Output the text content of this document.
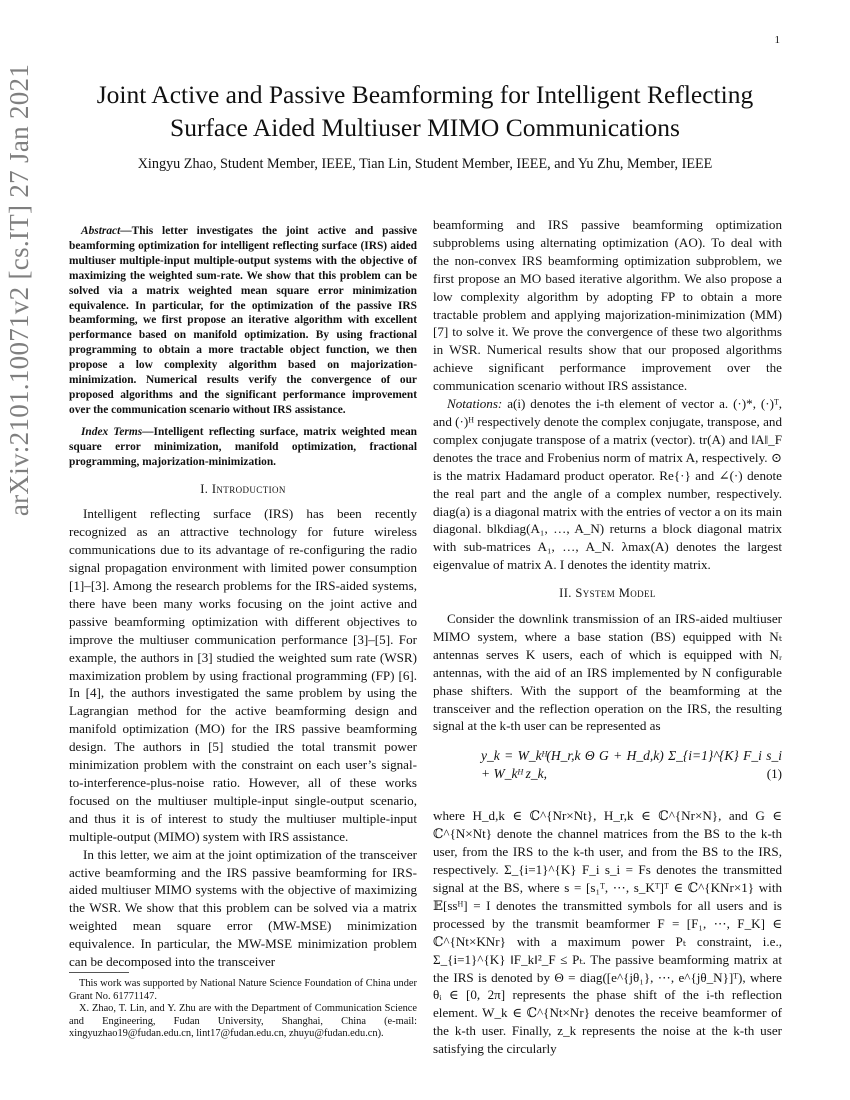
1
arXiv:2101.10071v2 [cs.IT] 27 Jan 2021	Joint Active and Passive Beamforming for Intelligent Reflecting Surface Aided Multiuser MIMO Communications
Xingyu Zhao, Student Member, IEEE, Tian Lin, Student Member, IEEE, and Yu Zhu, Member, IEEE

Abstract—This letter investigates the joint active and passive beamforming optimization for intelligent reflecting surface (IRS) aided multiuser multiple-input multiple-output systems with the objective of maximizing the weighted sum-rate. We show that this problem can be solved via a matrix weighted mean square error minimization equivalence. In particular, for the optimization of the passive IRS beamforming, we first propose an iterative algorithm with excellent performance based on manifold optimization. By using fractional programming to obtain a more tractable object function, we then propose a low complexity algorithm based on majorization-minimization. Numerical results verify the convergence of our proposed algorithms and the significant performance improvement over the communication scenario without IRS assistance.

Index Terms—Intelligent reflecting surface, matrix weighted mean square error minimization, manifold optimization, fractional programming, majorization-minimization.

I. Introduction

Intelligent reflecting surface (IRS) has been recently recognized as an attractive technology for future wireless communications due to its advantage of re-configuring the radio signal propagation environment with limited power consumption [1]–[3]. Among the research problems for the IRS-aided systems, there have been many works focusing on the joint active and passive beamforming optimization with different objectives to improve the multiuser communication performance [3]–[5]. For example, the authors in [3] studied the weighted sum rate (WSR) maximization problem by using fractional programming (FP) [6]. In [4], the authors investigated the same problem by using the Lagrangian method for the active beamforming design and manifold optimization (MO) for the IRS passive beamforming design. The authors in [5] studied the total transmit power minimization problem with the constraint on each user’s signal-to-interference-plus-noise ratio. However, all of these works focused on the multiuser multiple-input single-output scenario, and thus it is of interest to study the multiuser multiple-input multiple-output (MIMO) system with IRS assistance.

In this letter, we aim at the joint optimization of the transceiver active beamforming and the IRS passive beamforming for IRS-aided multiuser MIMO systems with the objective of maximizing the WSR. We show that this problem can be solved via a matrix weighted mean square error (MW-MSE) minimization equivalence. In particular, the MW-MSE minimization problem can be decomposed into the transceiver

This work was supported by National Nature Science Foundation of China under Grant No. 61771147.

X. Zhao, T. Lin, and Y. Zhu are with the Department of Communication Science and Engineering, Fudan University, Shanghai, China (e-mail: xingyuzhao19@fudan.edu.cn, lint17@fudan.edu.cn, zhuyu@fudan.edu.cn).

beamforming and IRS passive beamforming optimization subproblems using alternating optimization (AO). To deal with the non-convex IRS beamforming optimization subproblem, we first propose an MO based iterative algorithm. We also propose a low complexity algorithm by adopting FP to obtain a more tractable problem and applying majorization-minimization (MM) [7] to solve it. We prove the convergence of these two algorithms in WSR. Numerical results show that our proposed algorithms achieve significant performance improvement over the communication scenario without IRS assistance.

Notations: a(i) denotes the i-th element of vector a. (·)*, (·)ᵀ, and (·)ᴴ respectively denote the complex conjugate, transpose, and complex conjugate transpose of a matrix (vector). tr(A) and ‖A‖_F denotes the trace and Frobenius norm of matrix A, respectively. ⊙ is the matrix Hadamard product operator. Re{·} and ∠(·) denote the real part and the angle of a complex number, respectively. diag(a) is a diagonal matrix with the entries of vector a on its main diagonal. blkdiag(A₁, …, A_N) returns a block diagonal matrix with sub-matrices A₁, …, A_N. λmax(A) denotes the largest eigenvalue of matrix A. I denotes the identity matrix.

II. System Model

Consider the downlink transmission of an IRS-aided multiuser MIMO system, where a base station (BS) equipped with Nₜ antennas serves K users, each of which is equipped with Nᵣ antennas, with the aid of an IRS implemented by N configurable phase shifters. With the support of the beamforming at the transceiver and the reflection operation on the IRS, the resulting signal at the k-th user can be represented as

y_k = W_kᴴ(H_r,k Θ G + H_d,k) Σ_{i=1}^{K} F_i s_i + W_kᴴ z_k,	(1)

where H_d,k ∈ ℂ^{Nr×Nt}, H_r,k ∈ ℂ^{Nr×N}, and G ∈ ℂ^{N×Nt} denote the channel matrices from the BS to the k-th user, from the IRS to the k-th user, and from the BS to the IRS, respectively. Σ_{i=1}^{K} F_i s_i = Fs denotes the transmitted signal at the BS, where s = [s₁ᵀ, ⋯, s_Kᵀ]ᵀ ∈ ℂ^{KNr×1} with 𝔼[ssᴴ] = I denotes the transmitted symbols for all users and is processed by the transmit beamformer F = [F₁, ⋯, F_K] ∈ ℂ^{Nt×KNr} with a maximum power Pₜ constraint, i.e., Σ_{i=1}^{K} ‖F_k‖²_F ≤ Pₜ. The passive beamforming matrix at the IRS is denoted by Θ = diag([e^{jθ₁}, ⋯, e^{jθ_N}]ᵀ), where θᵢ ∈ [0, 2π] represents the phase shift of the i-th reflection element. W_k ∈ ℂ^{Nt×Nr} denotes the receive beamformer of the k-th user. Finally, z_k represents the noise at the k-th user satisfying the circularly
